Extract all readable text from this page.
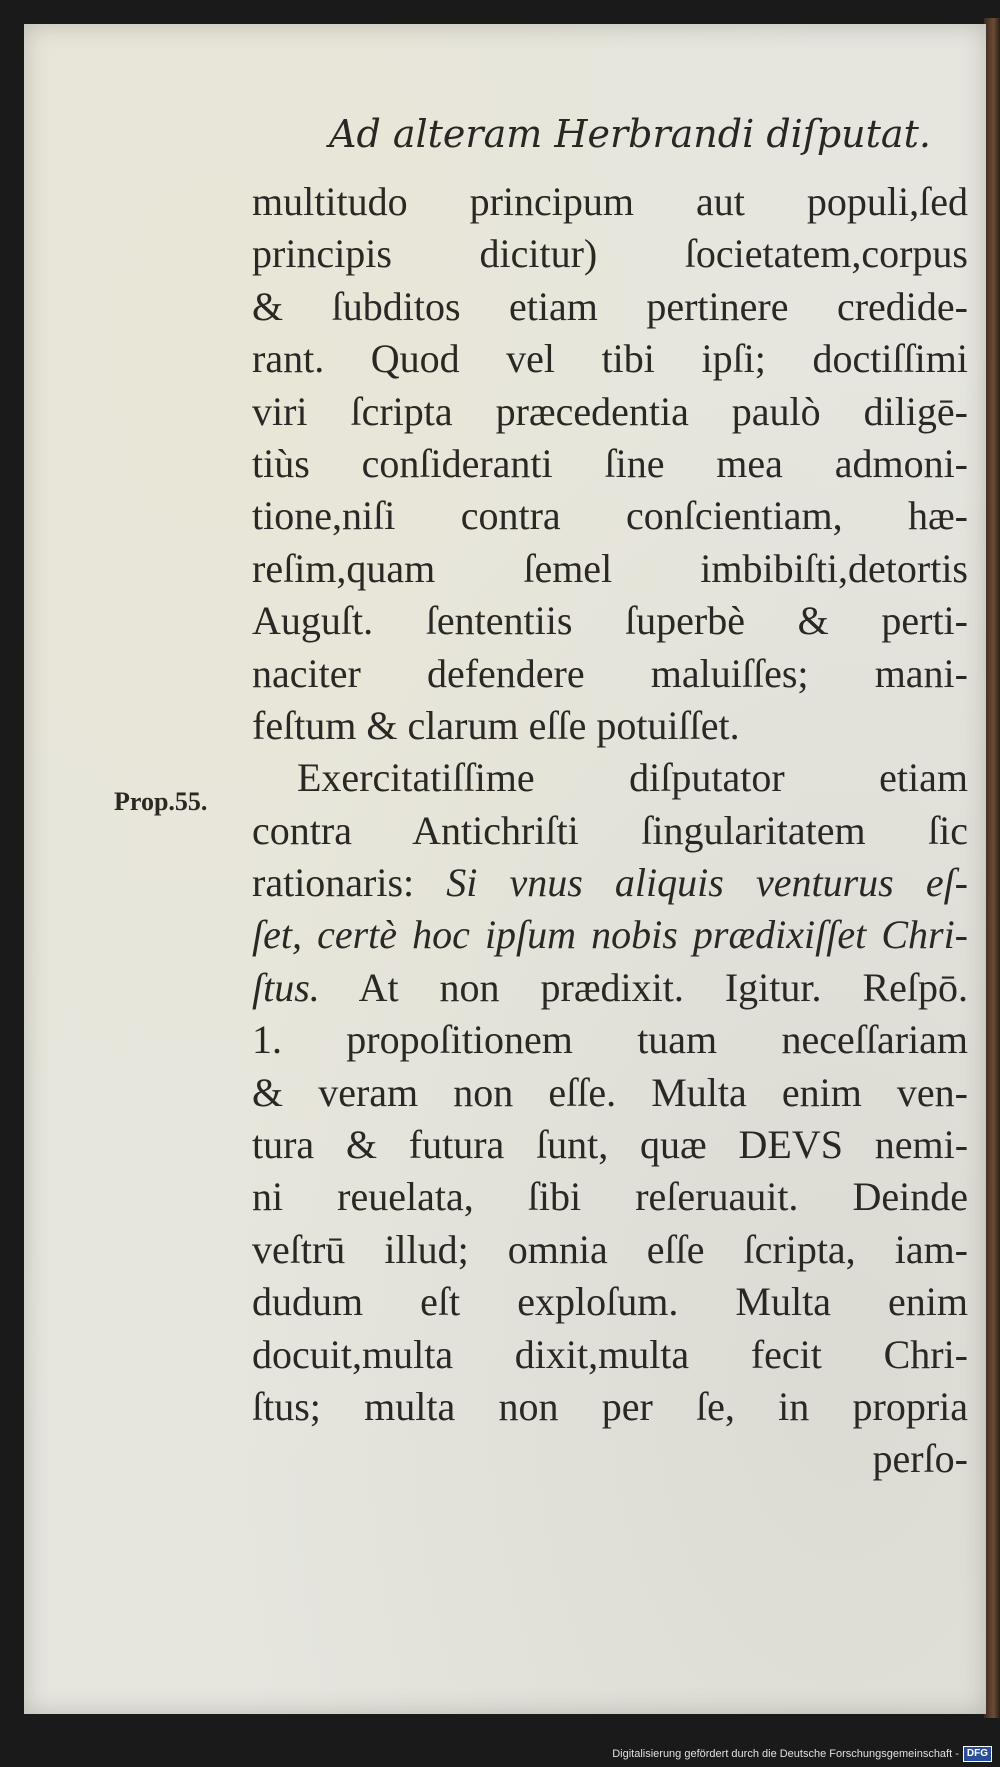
Ad alteram Herbrandi diſputat.
Prop.55.
multitudo principum aut populi,ſed
principis dicitur) ſocietatem,corpus
& ſubditos etiam pertinere credide-
rant. Quod vel tibi ipſi; doctiſſimi
viri ſcripta præcedentia paulò diligē-
tiùs conſideranti ſine mea admoni-
tione,niſi contra conſcientiam, hæ-
reſim,quam ſemel imbibiſti,detortis
Auguſt. ſententiis ſuperbè & perti-
naciter defendere maluiſſes; mani-
feſtum & clarum eſſe potuiſſet.
Exercitatiſſime diſputator etiam
contra Antichriſti ſingularitatem ſic
rationaris: Si vnus aliquis venturus eſ-
ſet, certè hoc ipſum nobis prædixiſſet Chri-
ſtus. At non prædixit. Igitur. Reſpō.
1. propoſitionem tuam neceſſariam
& veram non eſſe. Multa enim ven-
tura & futura ſunt, quæ DEVS nemi-
ni reuelata, ſibi reſeruauit. Deinde
veſtrū illud; omnia eſſe ſcripta, iam-
dudum eſt exploſum. Multa enim
docuit,multa dixit,multa fecit Chri-
ſtus; multa non per ſe, in propria
perſo-
Digitalisierung gefördert durch die Deutsche Forschungsgemeinschaft - DFG
